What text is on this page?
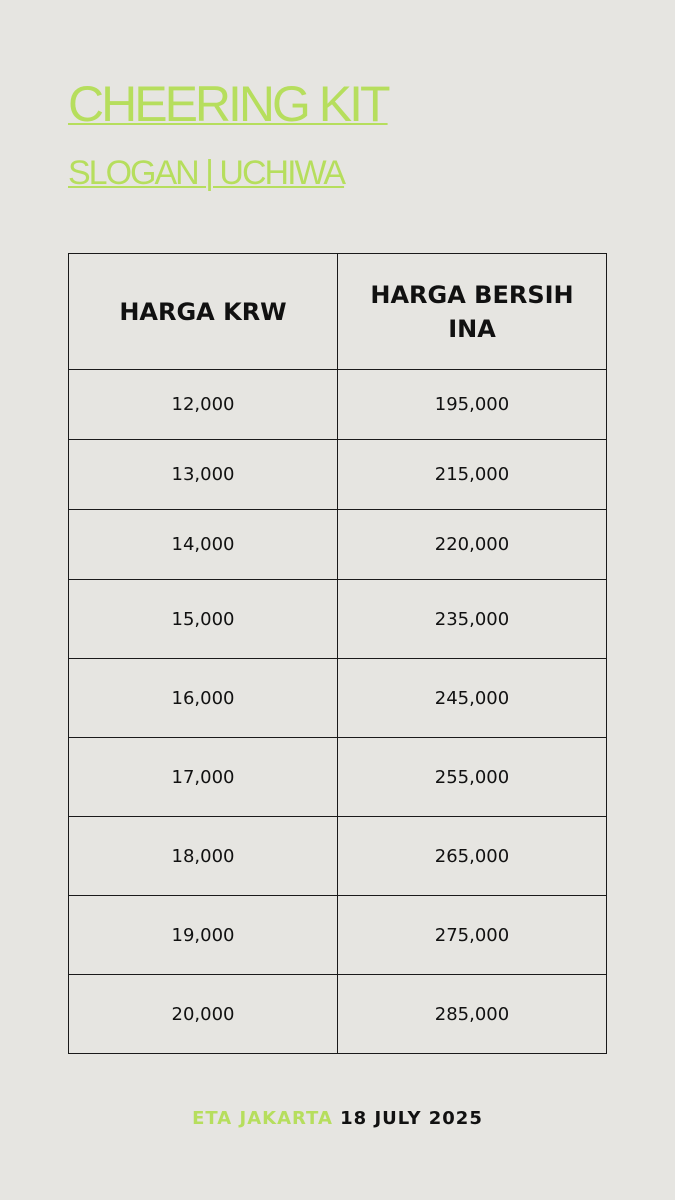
CHEERING KIT
SLOGAN | UCHIWA
HARGA KRW	HARGA BERSIH INA
12,000	195,000
13,000	215,000
14,000	220,000
15,000	235,000
16,000	245,000
17,000	255,000
18,000	265,000
19,000	275,000
20,000	285,000
ETA JAKARTA 18 JULY 2025
